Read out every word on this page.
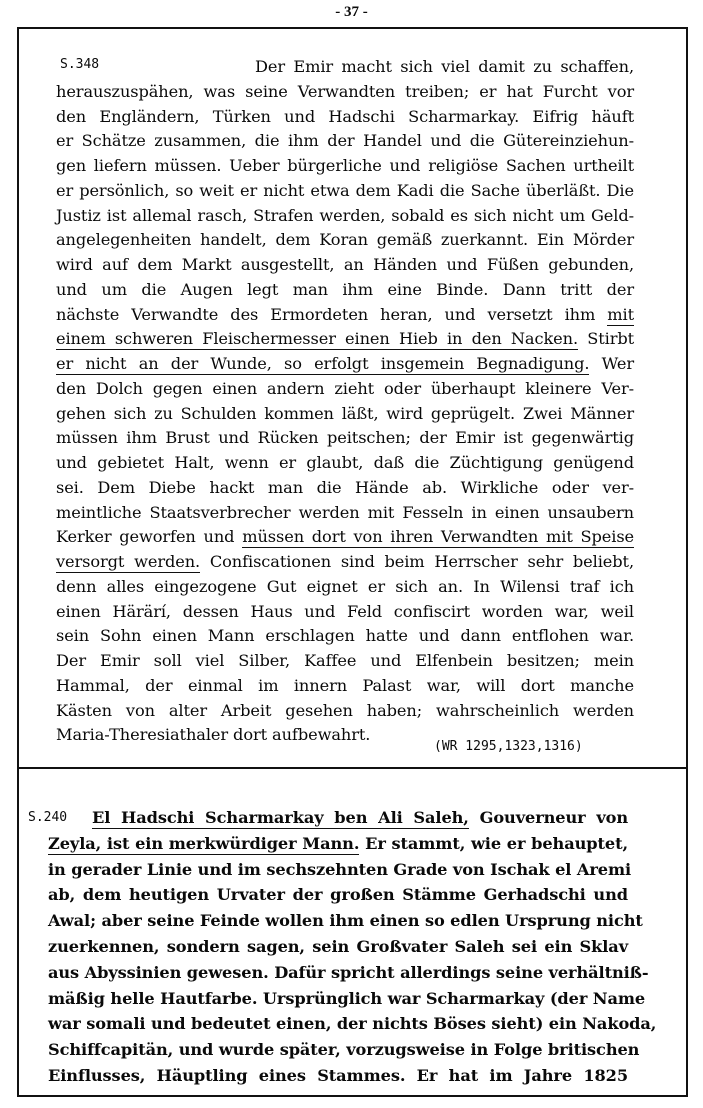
- 37 -
S.348
(WR 1295,1323,1316)
S.240
Der Emir macht sich viel damit zu schaffen,
herauszuspähen, was seine Verwandten treiben; er hat Furcht vor
den Engländern, Türken und Hadschi Scharmarkay. Eifrig häuft
er Schätze zusammen, die ihm der Handel und die Gütereinziehun-
gen liefern müssen. Ueber bürgerliche und religiöse Sachen urtheilt
er persönlich, so weit er nicht etwa dem Kadi die Sache überläßt. Die
Justiz ist allemal rasch, Strafen werden, sobald es sich nicht um Geld-
angelegenheiten handelt, dem Koran gemäß zuerkannt. Ein Mörder
wird auf dem Markt ausgestellt, an Händen und Füßen gebunden,
und um die Augen legt man ihm eine Binde. Dann tritt der
nächste Verwandte des Ermordeten heran, und versetzt ihm mit
einem schweren Fleischermesser einen Hieb in den Nacken. Stirbt
er nicht an der Wunde, so erfolgt insgemein Begnadigung. Wer
den Dolch gegen einen andern zieht oder überhaupt kleinere Ver-
gehen sich zu Schulden kommen läßt, wird geprügelt. Zwei Männer
müssen ihm Brust und Rücken peitschen; der Emir ist gegenwärtig
und gebietet Halt, wenn er glaubt, daß die Züchtigung genügend
sei. Dem Diebe hackt man die Hände ab. Wirkliche oder ver-
meintliche Staatsverbrecher werden mit Fesseln in einen unsaubern
Kerker geworfen und müssen dort von ihren Verwandten mit Speise
versorgt werden. Confiscationen sind beim Herrscher sehr beliebt,
denn alles eingezogene Gut eignet er sich an. In Wilensi traf ich
einen Härärí, dessen Haus und Feld confiscirt worden war, weil
sein Sohn einen Mann erschlagen hatte und dann entflohen war.
Der Emir soll viel Silber, Kaffee und Elfenbein besitzen; mein
Hammal, der einmal im innern Palast war, will dort manche
Kästen von alter Arbeit gesehen haben; wahrscheinlich werden
Maria-Theresiathaler dort aufbewahrt.
El Hadschi Scharmarkay ben Ali Saleh, Gouverneur von
Zeyla, ist ein merkwürdiger Mann. Er stammt, wie er behauptet,
in gerader Linie und im sechszehnten Grade von Ischak el Aremi
ab, dem heutigen Urvater der großen Stämme Gerhadschi und
Awal; aber seine Feinde wollen ihm einen so edlen Ursprung nicht
zuerkennen, sondern sagen, sein Großvater Saleh sei ein Sklav
aus Abyssinien gewesen. Dafür spricht allerdings seine verhältniß-
mäßig helle Hautfarbe. Ursprünglich war Scharmarkay (der Name
war somali und bedeutet einen, der nichts Böses sieht) ein Nakoda,
Schiffcapitän, und wurde später, vorzugsweise in Folge britischen
Einflusses, Häuptling eines Stammes. Er hat im Jahre 1825
